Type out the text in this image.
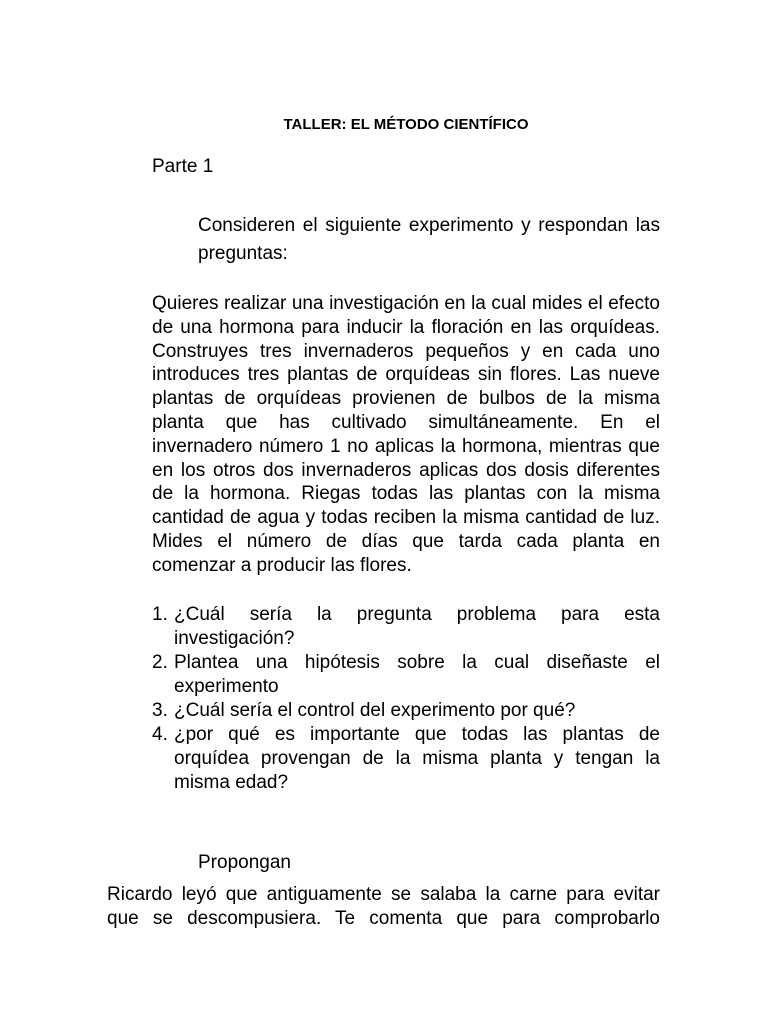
TALLER: EL MÉTODO CIENTÍFICO
Parte 1
Consideren el siguiente experimento y respondan las preguntas:
Quieres realizar una investigación en la cual mides el efecto de una hormona para inducir la floración en las orquídeas. Construyes tres invernaderos pequeños y en cada uno introduces tres plantas de orquídeas sin flores. Las nueve plantas de orquídeas provienen de bulbos de la misma planta que has cultivado simultáneamente. En el invernadero número 1 no aplicas la hormona, mientras que en los otros dos invernaderos aplicas dos dosis diferentes de la hormona. Riegas todas las plantas con la misma cantidad de agua y todas reciben la misma cantidad de luz. Mides el número de días que tarda cada planta en comenzar a producir las flores.
1. ¿Cuál sería la pregunta problema para esta investigación?
2. Plantea una hipótesis sobre la cual diseñaste el experimento
3. ¿Cuál sería el control del experimento por qué?
4. ¿por qué es importante que todas las plantas de orquídea provengan de la misma planta y tengan la misma edad?
Propongan
Ricardo leyó que antiguamente se salaba la carne para evitar que se descompusiera. Te comenta que para comprobarlo
